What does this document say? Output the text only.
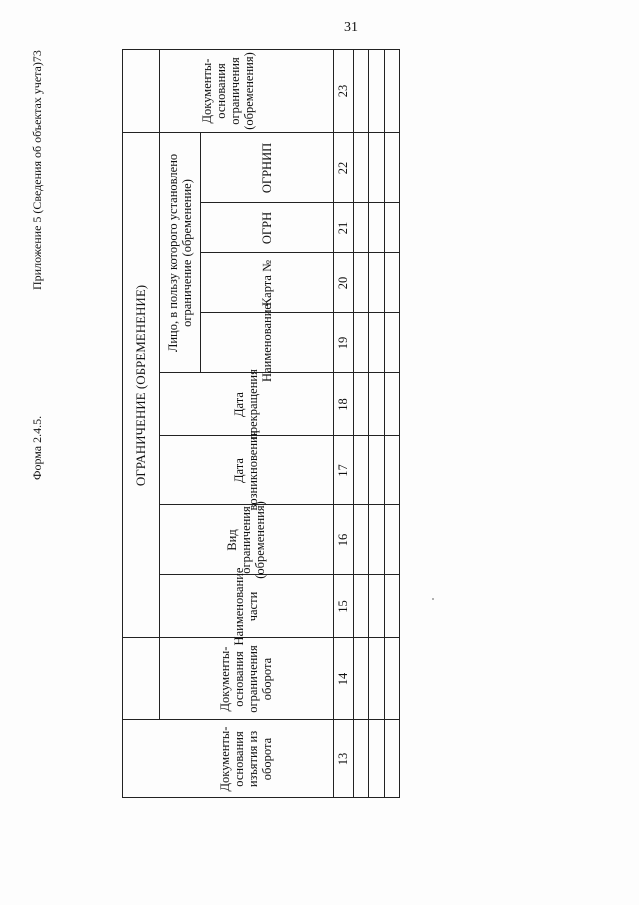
31
Форма 2.4.5.
Приложение 5 (Сведения об объектах учета)73
ОГРАНИЧЕНИЕ (ОБРЕМЕНЕНИЕ)
Лицо, в пользу которого установлено ограничение (обременение)
Документы-основания изъятия из оборота
Документы-основания ограничения оборота
Наименование части
Вид ограничения (обременения)
Дата возникновения
Дата прекращения
Наименование
Карта №
ОГРН
ОГРНИП
Документы-основания ограничения (обременения)
13
14
15
16
17
18
19
20
21
22
23
